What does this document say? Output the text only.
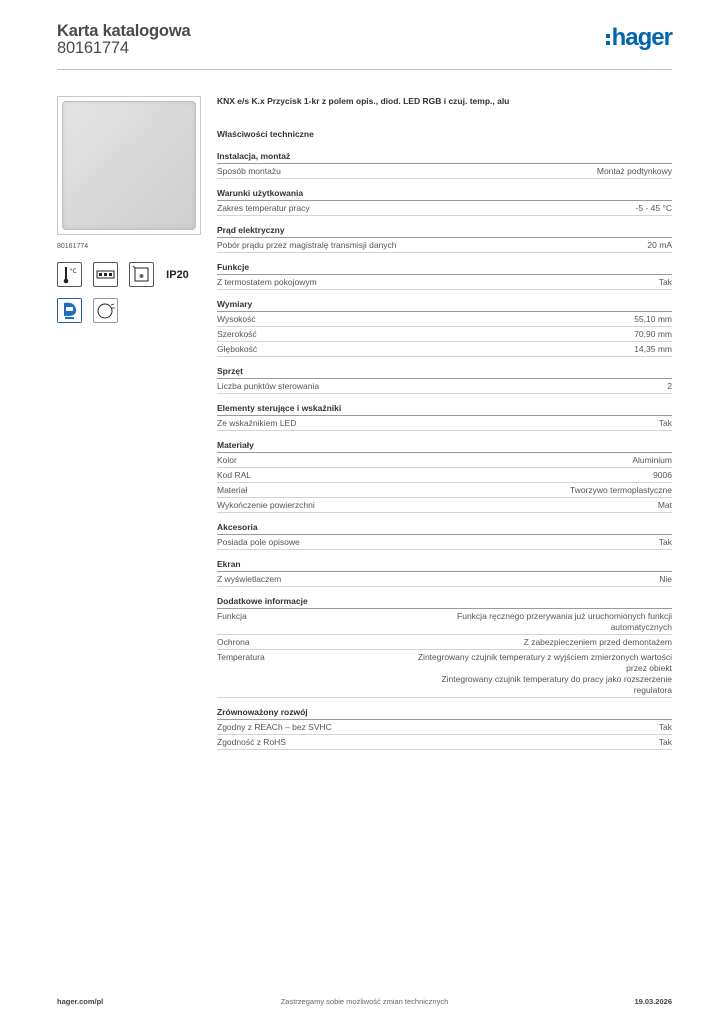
Karta katalogowa
80161774	hager
80161774
°C	IP20
KNX e/s K.x Przycisk 1-kr z polem opis., diod. LED RGB i czuj. temp., alu
Właściwości techniczne
Instalacja, montaż
Sposób montażu	Montaż podtynkowy
Warunki użytkowania
Zakres temperatur pracy	-5 - 45 °C
Prąd elektryczny
Pobór prądu przez magistralę transmisji danych	20 mA
Funkcje
Z termostatem pokojowym	Tak
Wymiary
Wysokość	55,10 mm
Szerokość	70,90 mm
Głębokość	14,35 mm
Sprzęt
Liczba punktów sterowania	2
Elementy sterujące i wskaźniki
Ze wskaźnikiem LED	Tak
Materiały
Kolor	Aluminium
Kod RAL	9006
Materiał	Tworzywo termoplastyczne
Wykończenie powierzchni	Mat
Akcesoria
Posiada pole opisowe	Tak
Ekran
Z wyświetlaczem	Nie
Dodatkowe informacje
Funkcja	Funkcja ręcznego przerywania już uruchomionych funkcji automatycznych
Ochrona	Z zabezpieczeniem przed demontażem
Temperatura	Zintegrowany czujnik temperatury z wyjściem zmierzonych wartości przez obiekt
Zintegrowany czujnik temperatury do pracy jako rozszerzenie regulatora
Zrównoważony rozwój
Zgodny z REACh – bez SVHC	Tak
Zgodność z RoHS	Tak
hager.com/pl	Zastrzegamy sobie możliwość zmian technicznych	19.03.2026
